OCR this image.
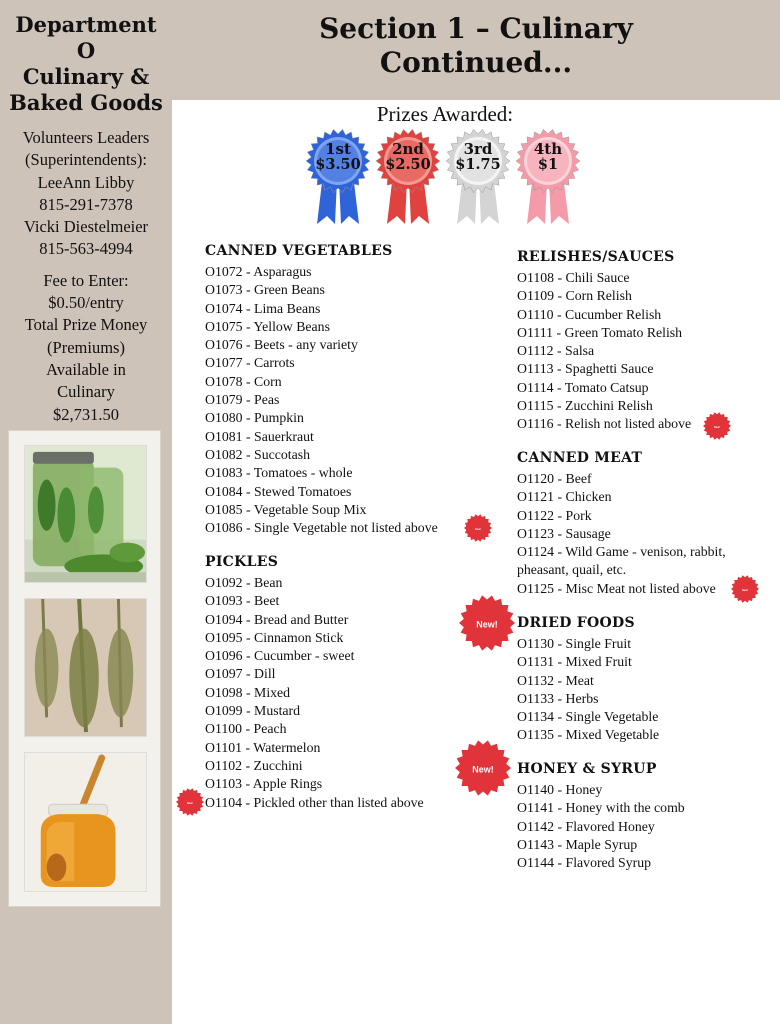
Department
O
Culinary &
Baked Goods
Volunteers Leaders
(Superintendents):
LeeAnn Libby
815-291-7378
Vicki Diestelmeier
815-563-4994
Fee to Enter:
$0.50/entry
Total Prize Money
(Premiums)
Available in
Culinary
$2,731.50
Section 1 – Culinary
Continued...
Prizes Awarded:
1st
$3.50
2nd
$2.50
3rd
$1.75
4th
$1
CANNED VEGETABLES
O1072 - Asparagus
O1073 - Green Beans
O1074 - Lima Beans
O1075 - Yellow Beans
O1076 - Beets - any variety
O1077 - Carrots
O1078 - Corn
O1079 - Peas
O1080 - Pumpkin
O1081 - Sauerkraut
O1082 - Succotash
O1083 - Tomatoes - whole
O1084 - Stewed Tomatoes
O1085 - Vegetable Soup Mix
O1086 - Single Vegetable not listed above
PICKLES
O1092 - Bean
O1093 - Beet
O1094 - Bread and Butter
O1095 - Cinnamon Stick
O1096 - Cucumber - sweet
O1097 - Dill
O1098 - Mixed
O1099 - Mustard
O1100 - Peach
O1101 - Watermelon
O1102 - Zucchini
O1103 - Apple Rings
O1104 - Pickled other than listed above
RELISHES/SAUCES
O1108 - Chili Sauce
O1109 - Corn Relish
O1110 - Cucumber Relish
O1111 - Green Tomato Relish
O1112 - Salsa
O1113 - Spaghetti Sauce
O1114 - Tomato Catsup
O1115 - Zucchini Relish
O1116 - Relish not listed above
CANNED MEAT
O1120 - Beef
O1121 - Chicken
O1122 - Pork
O1123 - Sausage
O1124 - Wild Game - venison, rabbit, pheasant, quail, etc.
O1125 - Misc Meat not listed above
DRIED FOODS
O1130 - Single Fruit
O1131 - Mixed Fruit
O1132 - Meat
O1133 - Herbs
O1134 - Single Vegetable
O1135 - Mixed Vegetable
HONEY & SYRUP
O1140 - Honey
O1141 - Honey with the comb
O1142 - Flavored Honey
O1143 - Maple Syrup
O1144 - Flavored Syrup
New!
New!
New!
New!
New!
New!
